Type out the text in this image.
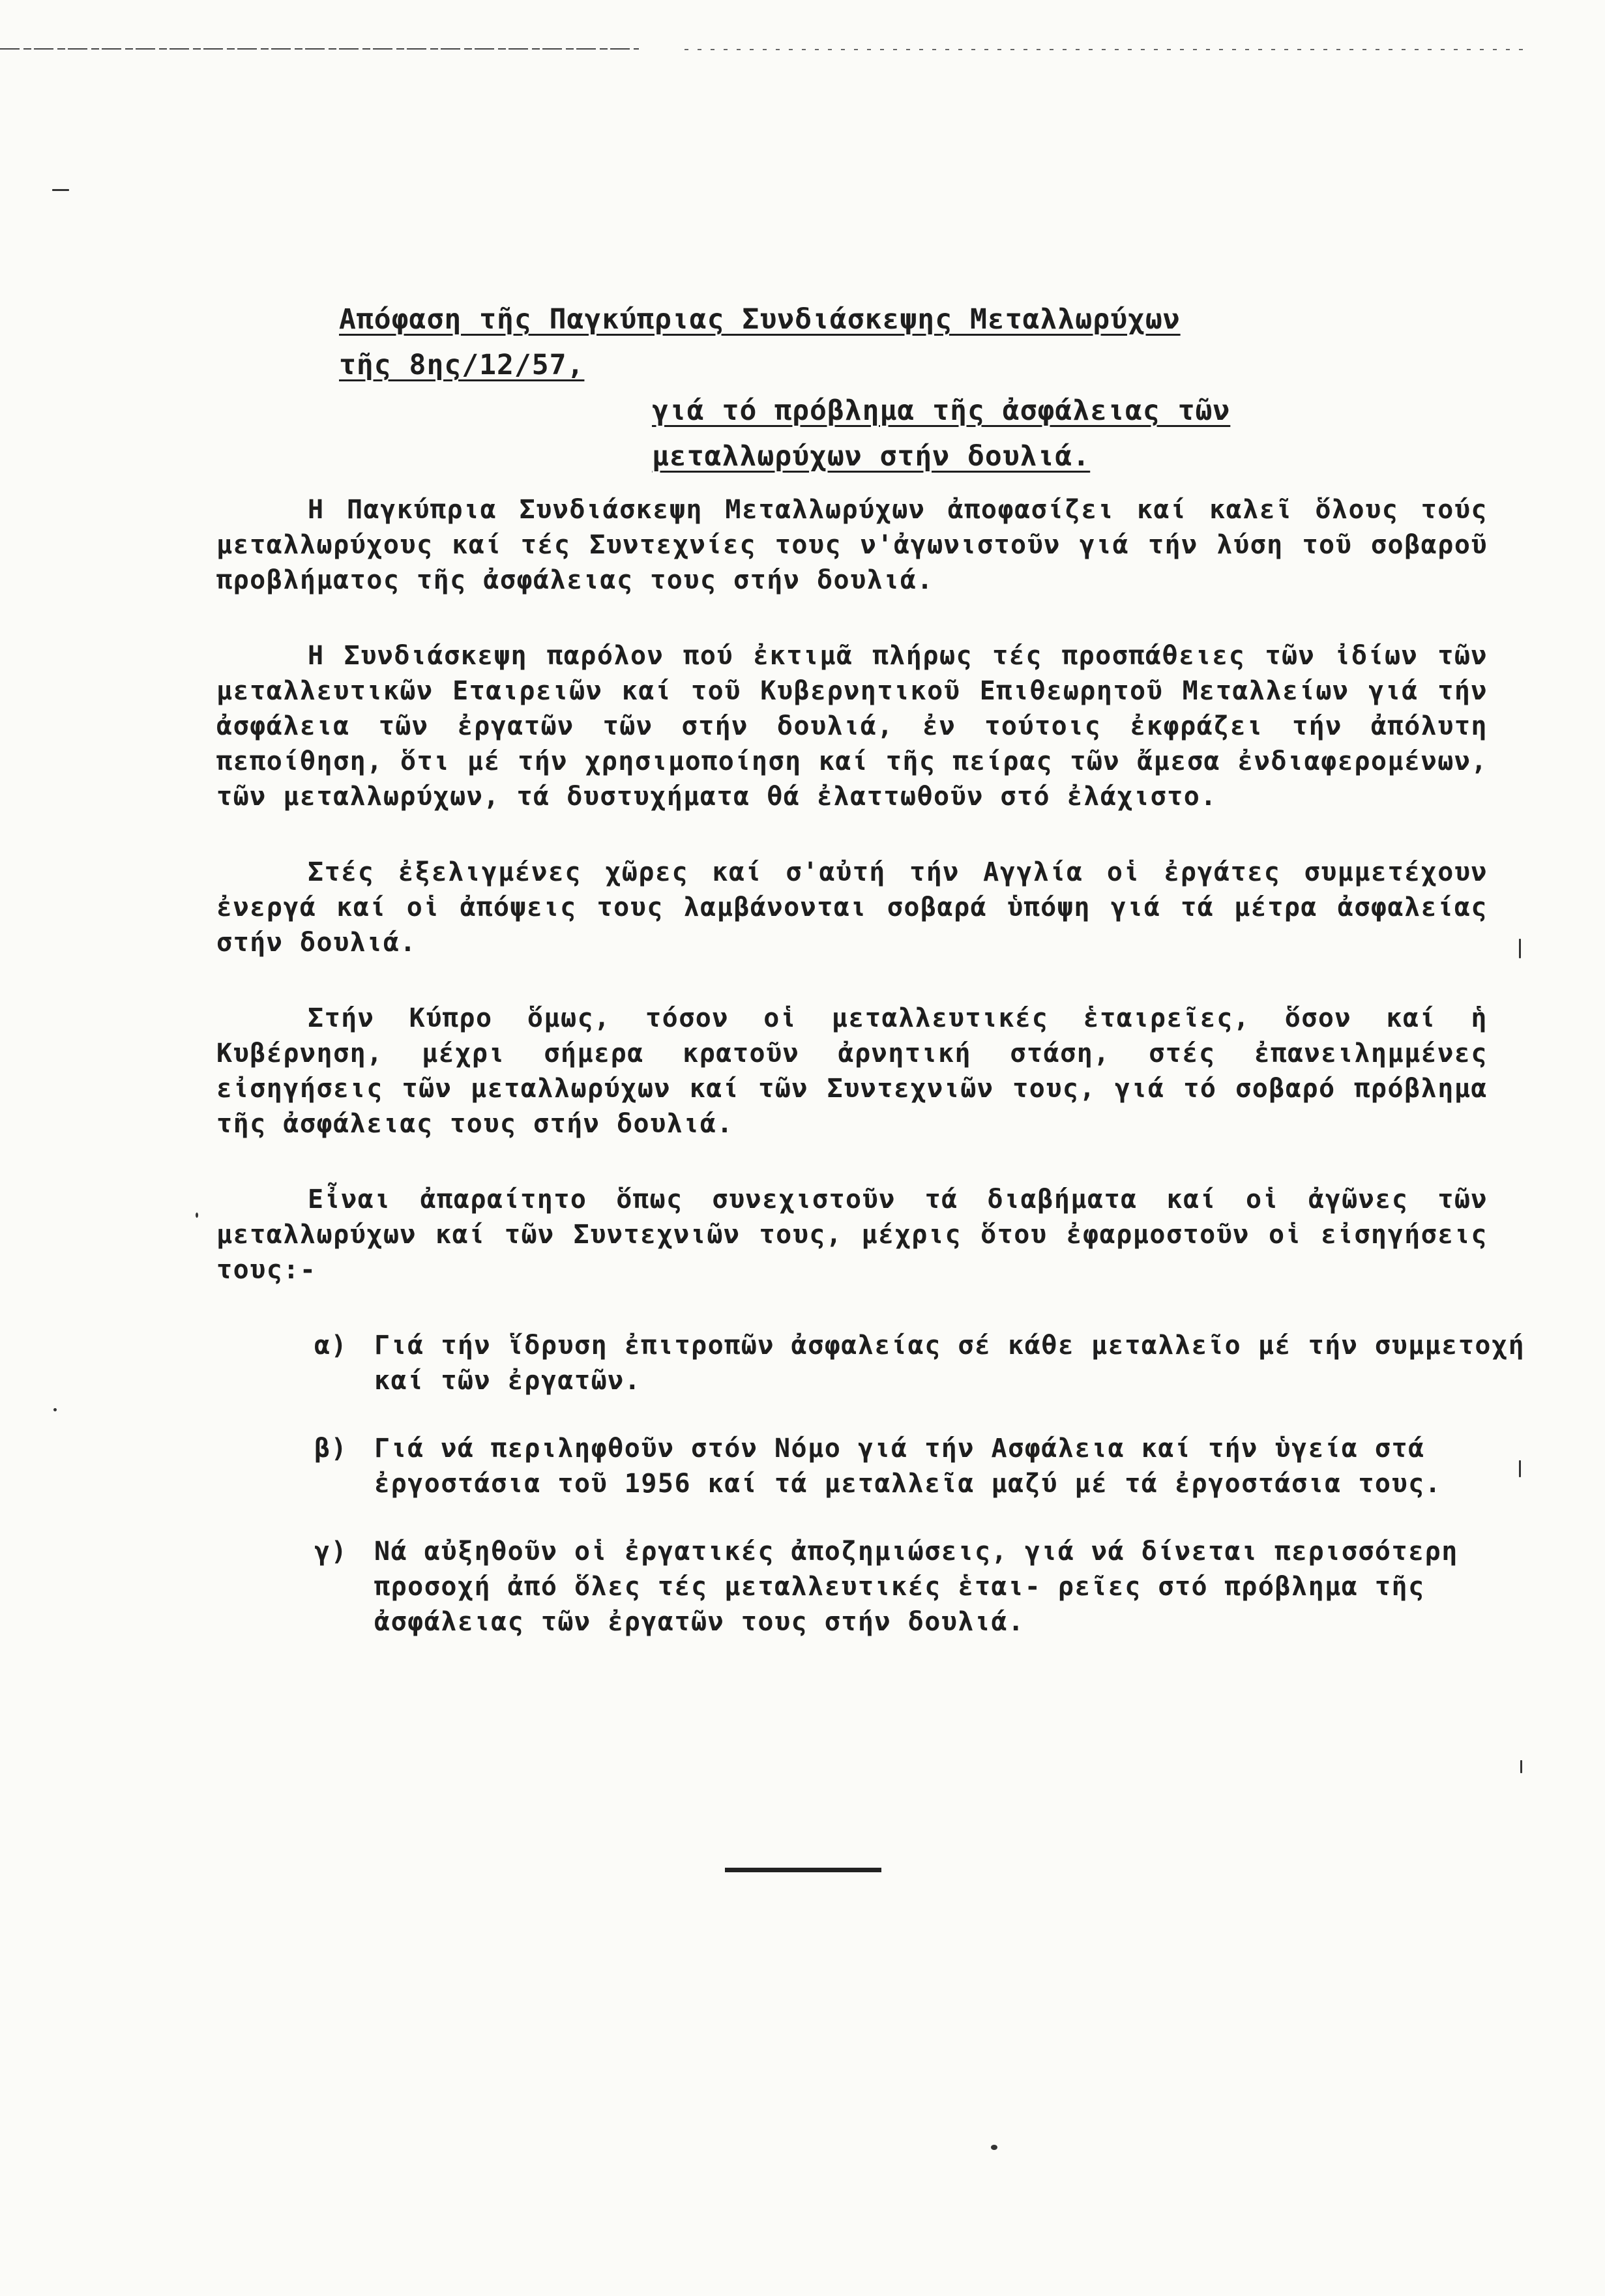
Απόφαση τῆς Παγκύπριας Συνδιάσκεψης Μεταλλωρύχων
τῆς 8ης/12/57,
γιά τό πρόβλημα τῆς ἀσφάλειας τῶν
μεταλλωρύχων στήν δουλιά.

Η Παγκύπρια Συνδιάσκεψη Μεταλλωρύχων ἀποφασίζει καί καλεῖ ὅλους τούς μεταλλωρύχους καί τές Συντεχνίες τους ν'ἀγωνιστοῦν γιά τήν λύση τοῦ σοβαροῦ προβλήματος τῆς ἀσφάλειας τους στήν δουλιά.

Η Συνδιάσκεψη παρόλον πού ἐκτιμᾶ πλήρως τές προσπάθειες τῶν ἰδίων τῶν μεταλλευτικῶν Εταιρειῶν καί τοῦ Κυβερνητικοῦ Επιθεωρητοῦ Μεταλλείων γιά τήν ἀσφάλεια τῶν ἐργατῶν τῶν στήν δουλιά, ἐν τούτοις ἐκφράζει τήν ἀπόλυτη πεποίθηση, ὅτι μέ τήν χρησιμοποίηση καί τῆς πείρας τῶν ἄμεσα ἐνδιαφερομένων, τῶν μεταλλωρύχων, τά δυστυχήματα θά ἐλαττωθοῦν στό ἐλάχιστο.

Στές ἐξελιγμένες χῶρες καί σ'αὐτή τήν Αγγλία οἱ ἐργάτες συμμετέχουν ἐνεργά καί οἱ ἀπόψεις τους λαμβάνονται σοβαρά ὑπόψη γιά τά μέτρα ἀσφαλείας στήν δουλιά.

Στήν Κύπρο ὅμως, τόσον οἱ μεταλλευτικές ἑταιρεῖες, ὅσον καί ἡ Κυβέρνηση, μέχρι σήμερα κρατοῦν ἀρνητική στάση, στές ἐπανειλημμένες εἰσηγήσεις τῶν μεταλλωρύχων καί τῶν Συντεχνιῶν τους, γιά τό σοβαρό πρόβλημα τῆς ἀσφάλειας τους στήν δουλιά.

Εἶναι ἀπαραίτητο ὅπως συνεχιστοῦν τά διαβήματα καί οἱ ἀγῶνες τῶν μεταλλωρύχων καί τῶν Συντεχνιῶν τους, μέχρις ὅτου ἐφαρμοστοῦν οἱ εἰσηγήσεις τους:-

α) Γιά τήν ἵδρυση ἐπιτροπῶν ἀσφαλείας σέ κάθε μεταλλεῖο μέ τήν συμμετοχή καί τῶν ἐργατῶν.
β) Γιά νά περιληφθοῦν στόν Νόμο γιά τήν Ασφάλεια καί τήν ὑγεία στά ἐργοστάσια τοῦ 1956 καί τά μεταλλεῖα μαζύ μέ τά ἐργοστάσια τους.
γ) Νά αὐξηθοῦν οἱ ἐργατικές ἀποζημιώσεις, γιά νά δίνεται περισσότερη προσοχή ἀπό ὅλες τές μεταλλευτικές ἑται- ρεῖες στό πρόβλημα τῆς ἀσφάλειας τῶν ἐργατῶν τους στήν δουλιά.
